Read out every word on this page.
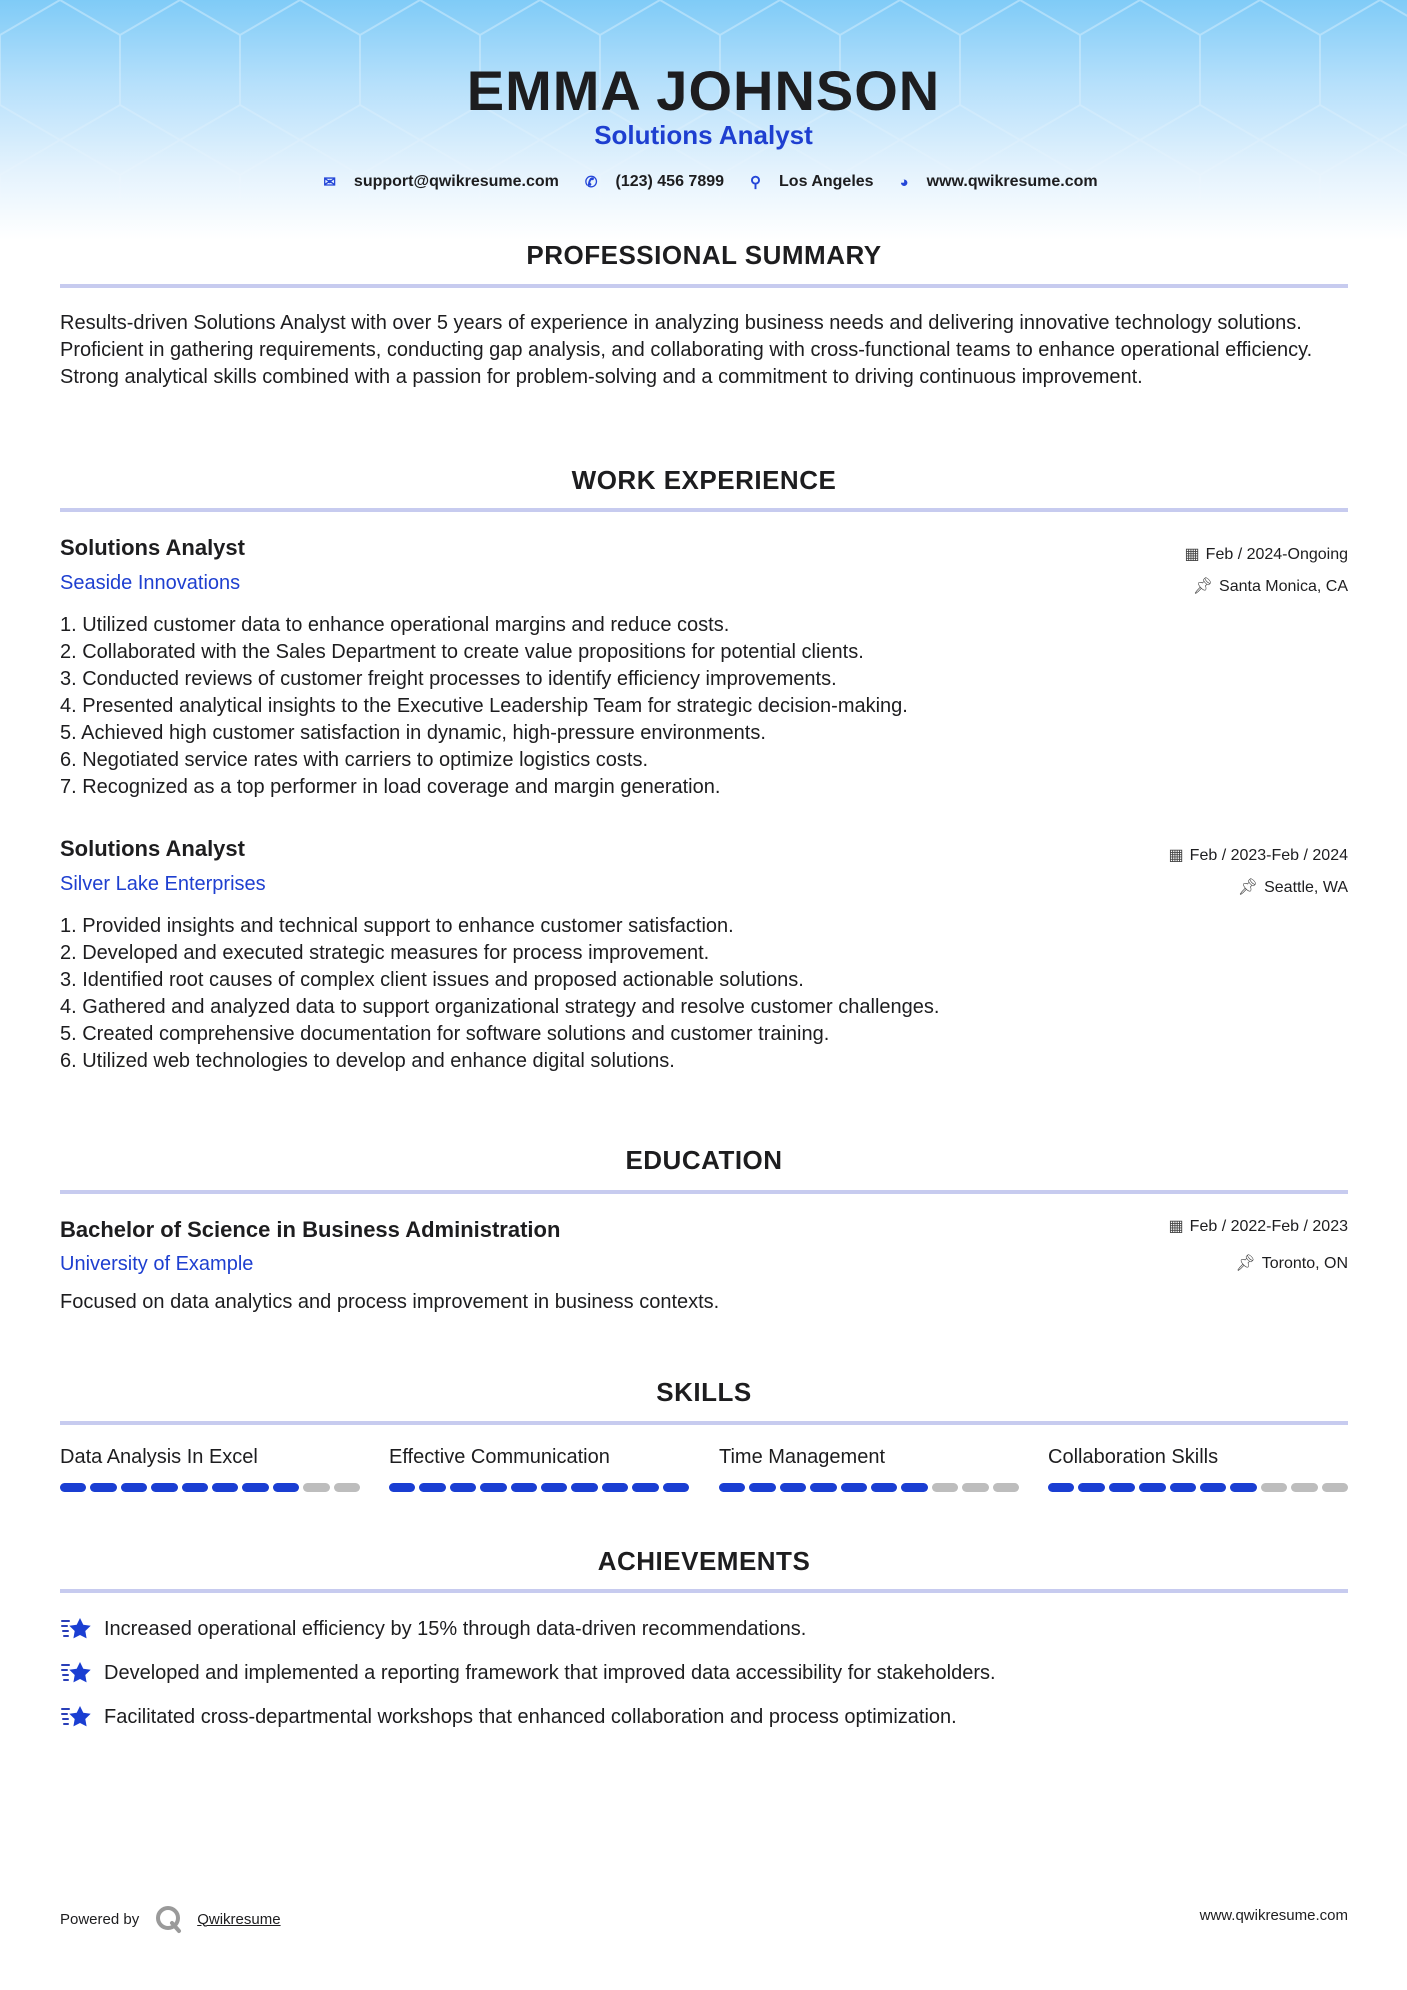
EMMA JOHNSON
Solutions Analyst
✉ support@qwikresume.com ✆ (123) 456 7899 ⚲ Los Angeles ◕ www.qwikresume.com
PROFESSIONAL SUMMARY
Results-driven Solutions Analyst with over 5 years of experience in analyzing business needs and delivering innovative technology solutions. Proficient in gathering requirements, conducting gap analysis, and collaborating with cross-functional teams to enhance operational efficiency. Strong analytical skills combined with a passion for problem-solving and a commitment to driving continuous improvement.
WORK EXPERIENCE
Solutions Analyst
Seaside Innovations
▦ Feb / 2024-Ongoing
📌︎ Santa Monica, CA
1. Utilized customer data to enhance operational margins and reduce costs.
2. Collaborated with the Sales Department to create value propositions for potential clients.
3. Conducted reviews of customer freight processes to identify efficiency improvements.
4. Presented analytical insights to the Executive Leadership Team for strategic decision-making.
5. Achieved high customer satisfaction in dynamic, high-pressure environments.
6. Negotiated service rates with carriers to optimize logistics costs.
7. Recognized as a top performer in load coverage and margin generation.
Solutions Analyst
Silver Lake Enterprises
▦ Feb / 2023-Feb / 2024
📌︎ Seattle, WA
1. Provided insights and technical support to enhance customer satisfaction.
2. Developed and executed strategic measures for process improvement.
3. Identified root causes of complex client issues and proposed actionable solutions.
4. Gathered and analyzed data to support organizational strategy and resolve customer challenges.
5. Created comprehensive documentation for software solutions and customer training.
6. Utilized web technologies to develop and enhance digital solutions.
EDUCATION
Bachelor of Science in Business Administration
University of Example
▦ Feb / 2022-Feb / 2023
📌︎ Toronto, ON
Focused on data analytics and process improvement in business contexts.
SKILLS
Data Analysis In Excel	Effective Communication	Time Management	Collaboration Skills
ACHIEVEMENTS
Increased operational efficiency by 15% through data-driven recommendations.
Developed and implemented a reporting framework that improved data accessibility for stakeholders.
Facilitated cross-departmental workshops that enhanced collaboration and process optimization.
Powered by	Qwikresume	www.qwikresume.com
